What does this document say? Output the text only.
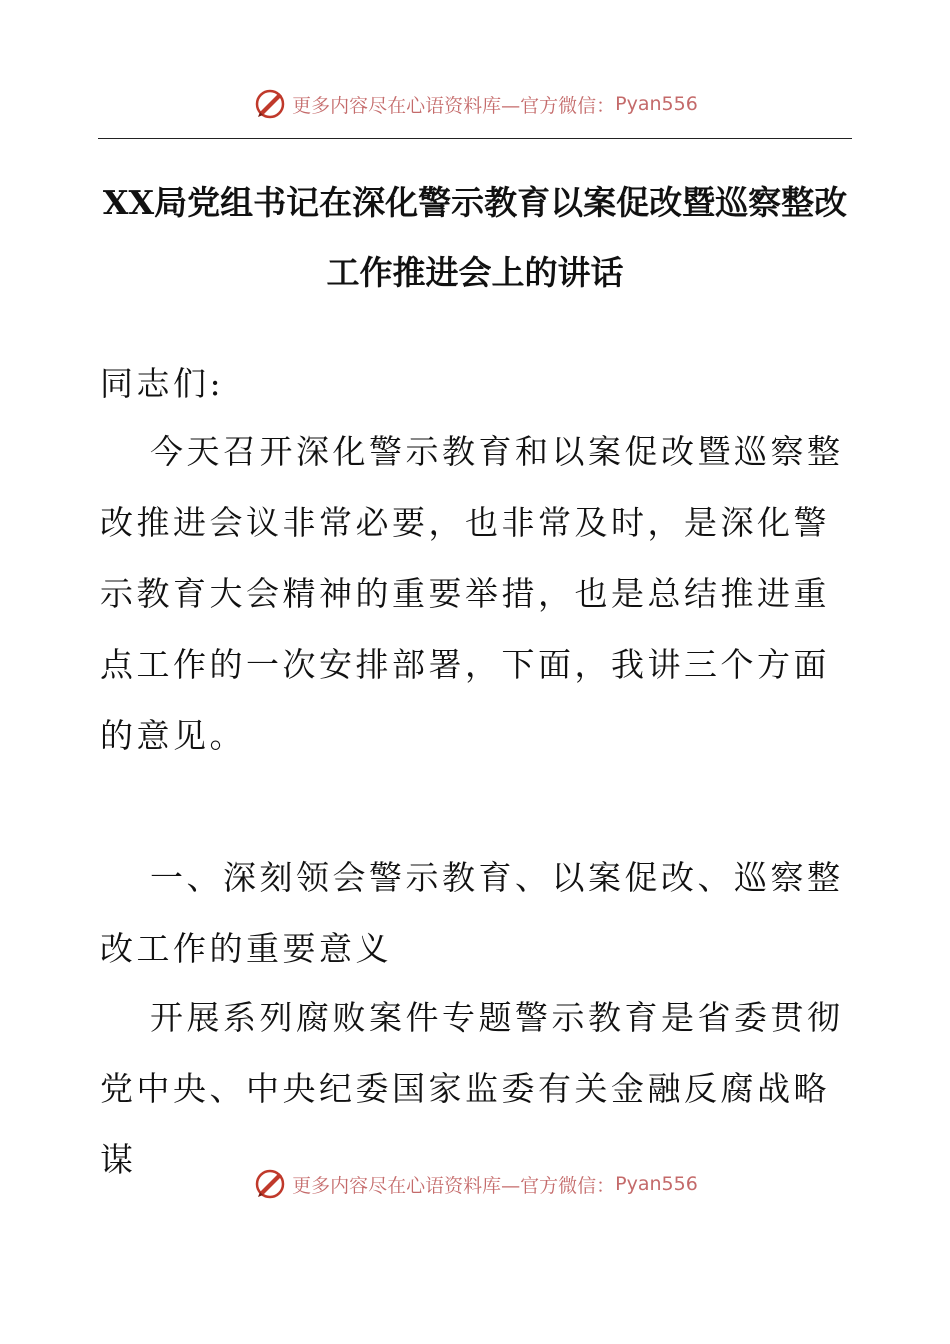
更多内容尽在心语资料库—官方微信： Pyan556
XX局党组书记在深化警示教育以案促改暨巡察整改工作推进会上的讲话

同志们:

今天召开深化警示教育和以案促改暨巡察整改推进会议非常必要，也非常及时，是深化警示教育大会精神的重要举措，也是总结推进重点工作的一次安排部署，下面，我讲三个方面的意见。

一、深刻领会警示教育、以案促改、巡察整改工作的重要意义

开展系列腐败案件专题警示教育是省委贯彻党中央、中央纪委国家监委有关金融反腐战略谋

更多内容尽在心语资料库—官方微信： Pyan556
